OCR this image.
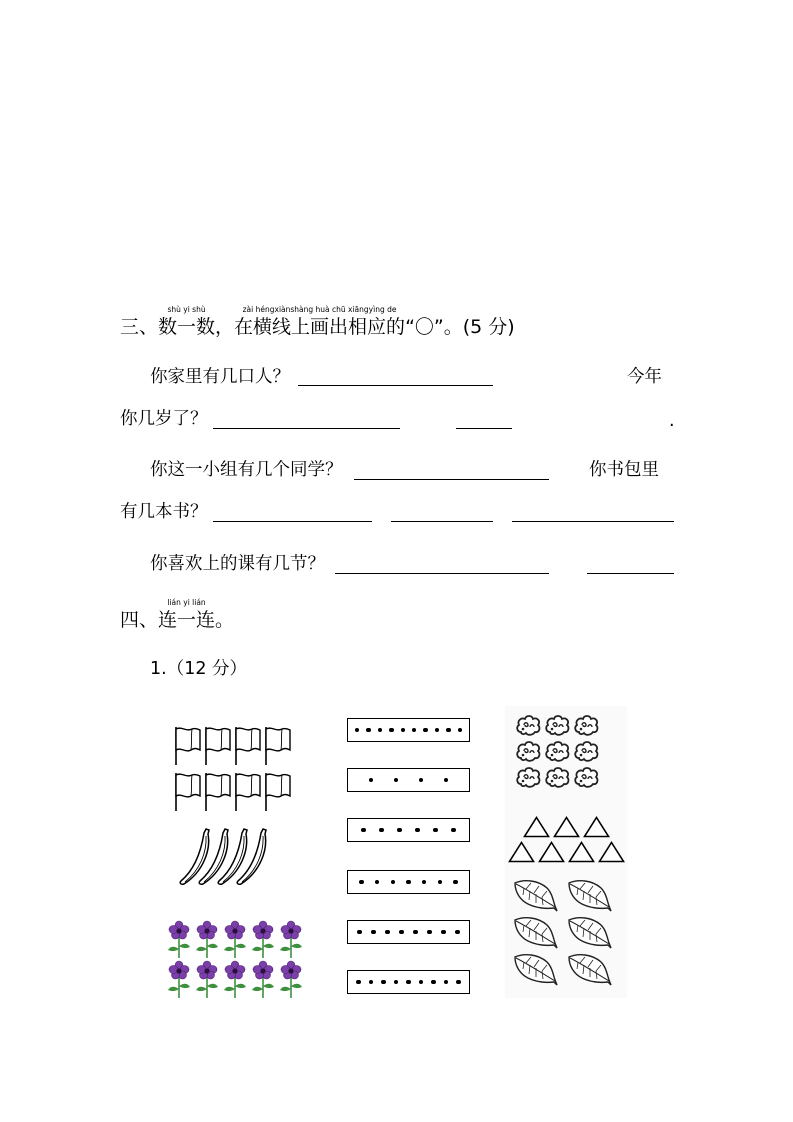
三、
shù yi shù
数一数，
zài héngxiànshàng huà chū xiāngyìng de
在横线上画出相应的“〇”。(5 分)
你家里有几口人？	今年
你几岁了？	.
你这一小组有几个同学？	你书包里
有几本书？
你喜欢上的课有几节？
四、
lián yi lián
连一连。
1.（12 分）
